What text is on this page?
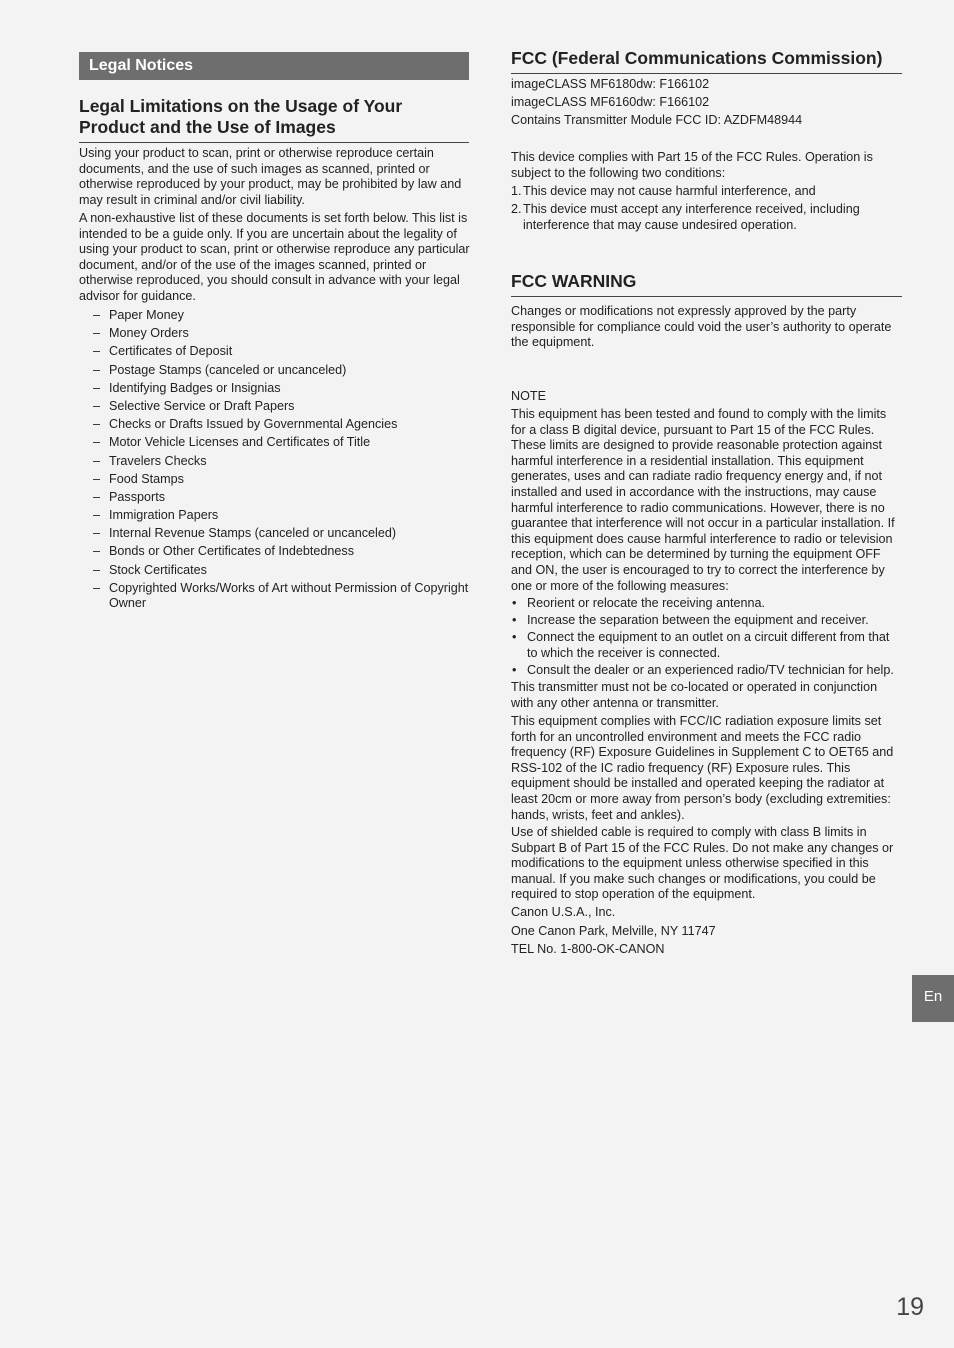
Legal Notices
Legal Limitations on the Usage of Your Product and the Use of Images
Using your product to scan, print or otherwise reproduce certain documents, and the use of such images as scanned, printed or otherwise reproduced by your product, may be prohibited by law and may result in criminal and/or civil liability.
A non-exhaustive list of these documents is set forth below. This list is intended to be a guide only. If you are uncertain about the legality of using your product to scan, print or otherwise reproduce any particular document, and/or of the use of the images scanned, printed or otherwise reproduced, you should consult in advance with your legal advisor for guidance.
– Paper Money
– Money Orders
– Certificates of Deposit
– Postage Stamps (canceled or uncanceled)
– Identifying Badges or Insignias
– Selective Service or Draft Papers
– Checks or Drafts Issued by Governmental Agencies
– Motor Vehicle Licenses and Certificates of Title
– Travelers Checks
– Food Stamps
– Passports
– Immigration Papers
– Internal Revenue Stamps (canceled or uncanceled)
– Bonds or Other Certificates of Indebtedness
– Stock Certificates
– Copyrighted Works/Works of Art without Permission of Copyright Owner
FCC (Federal Communications Commission)
imageCLASS MF6180dw: F166102
imageCLASS MF6160dw: F166102
Contains Transmitter Module FCC ID: AZDFM48944
This device complies with Part 15 of the FCC Rules. Operation is subject to the following two conditions:
1. This device may not cause harmful interference, and
2. This device must accept any interference received, including interference that may cause undesired operation.
FCC WARNING
Changes or modifications not expressly approved by the party responsible for compliance could void the user’s authority to operate the equipment.
NOTE
This equipment has been tested and found to comply with the limits for a class B digital device, pursuant to Part 15 of the FCC Rules. These limits are designed to provide reasonable protection against harmful interference in a residential installation. This equipment generates, uses and can radiate radio frequency energy and, if not installed and used in accordance with the instructions, may cause harmful interference to radio communications. However, there is no guarantee that interference will not occur in a particular installation. If this equipment does cause harmful interference to radio or television reception, which can be determined by turning the equipment OFF and ON, the user is encouraged to try to correct the interference by one or more of the following measures:
• Reorient or relocate the receiving antenna.
• Increase the separation between the equipment and receiver.
• Connect the equipment to an outlet on a circuit different from that to which the receiver is connected.
• Consult the dealer or an experienced radio/TV technician for help.
This transmitter must not be co-located or operated in conjunction with any other antenna or transmitter.
This equipment complies with FCC/IC radiation exposure limits set forth for an uncontrolled environment and meets the FCC radio frequency (RF) Exposure Guidelines in Supplement C to OET65 and RSS-102 of the IC radio frequency (RF) Exposure rules. This equipment should be installed and operated keeping the radiator at least 20cm or more away from person’s body (excluding extremities: hands, wrists, feet and ankles).
Use of shielded cable is required to comply with class B limits in Subpart B of Part 15 of the FCC Rules. Do not make any changes or modifications to the equipment unless otherwise specified in this manual. If you make such changes or modifications, you could be required to stop operation of the equipment.
Canon U.S.A., Inc.
One Canon Park, Melville, NY 11747
TEL No. 1-800-OK-CANON
En
19
